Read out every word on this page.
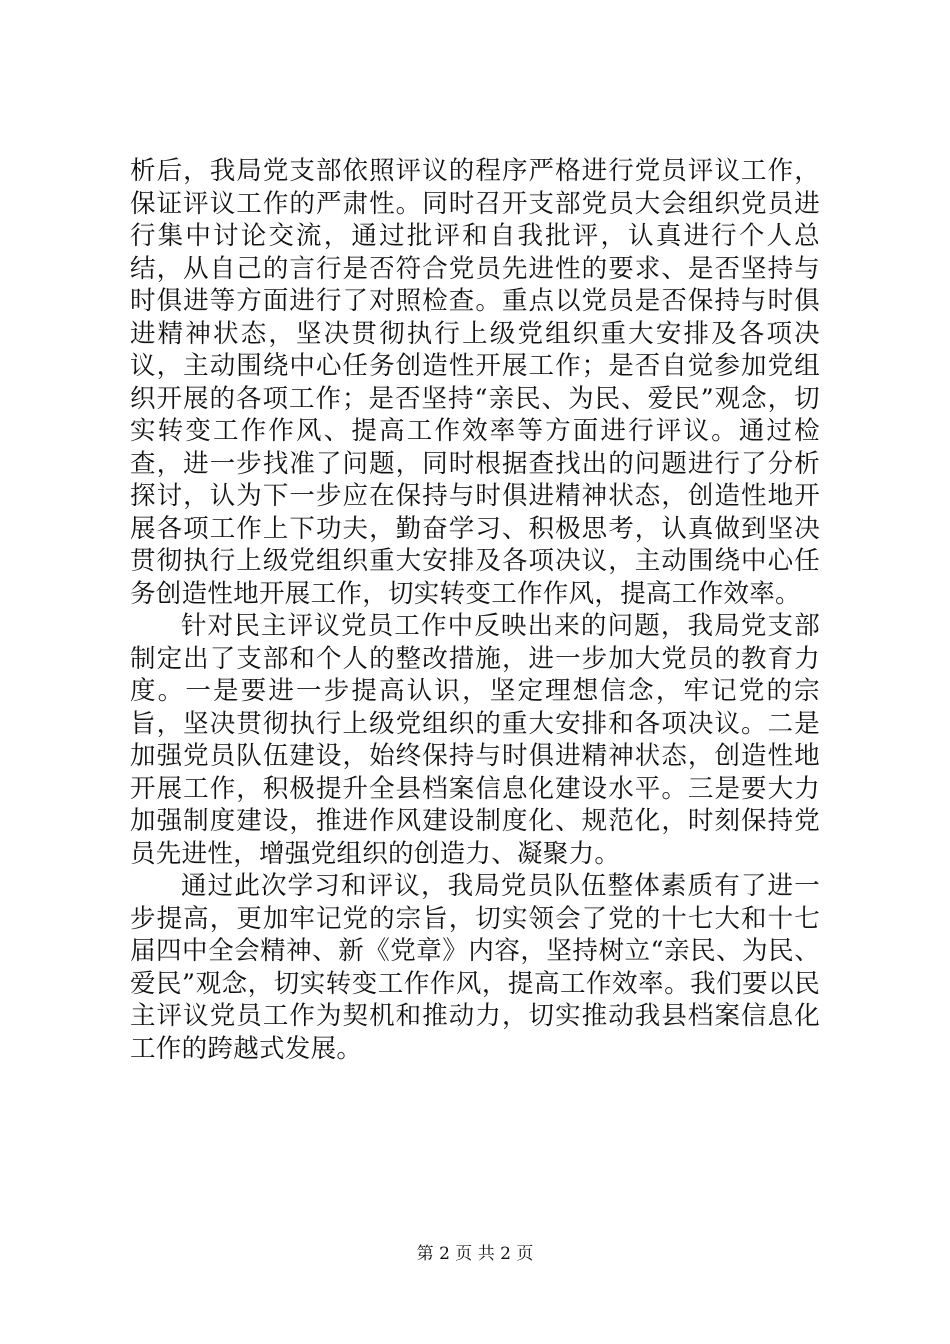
析后，我局党支部依照评议的程序严格进行党员评议工作，保证评议工作的严肃性。同时召开支部党员大会组织党员进行集中讨论交流，通过批评和自我批评，认真进行个人总结，从自己的言行是否符合党员先进性的要求、是否坚持与时俱进等方面进行了对照检查。重点以党员是否保持与时俱进精神状态，坚决贯彻执行上级党组织重大安排及各项决议，主动围绕中心任务创造性开展工作；是否自觉参加党组织开展的各项工作；是否坚持“亲民、为民、爱民”观念，切实转变工作作风、提高工作效率等方面进行评议。通过检查，进一步找准了问题，同时根据查找出的问题进行了分析探讨，认为下一步应在保持与时俱进精神状态，创造性地开展各项工作上下功夫，勤奋学习、积极思考，认真做到坚决贯彻执行上级党组织重大安排及各项决议，主动围绕中心任务创造性地开展工作，切实转变工作作风，提高工作效率。

针对民主评议党员工作中反映出来的问题，我局党支部制定出了支部和个人的整改措施，进一步加大党员的教育力度。一是要进一步提高认识，坚定理想信念，牢记党的宗旨，坚决贯彻执行上级党组织的重大安排和各项决议。二是加强党员队伍建设，始终保持与时俱进精神状态，创造性地开展工作，积极提升全县档案信息化建设水平。三是要大力加强制度建设，推进作风建设制度化、规范化，时刻保持党员先进性，增强党组织的创造力、凝聚力。

通过此次学习和评议，我局党员队伍整体素质有了进一步提高，更加牢记党的宗旨，切实领会了党的十七大和十七届四中全会精神、新《党章》内容，坚持树立“亲民、为民、爱民”观念，切实转变工作作风，提高工作效率。我们要以民主评议党员工作为契机和推动力，切实推动我县档案信息化工作的跨越式发展。

第 2 页 共 2 页
